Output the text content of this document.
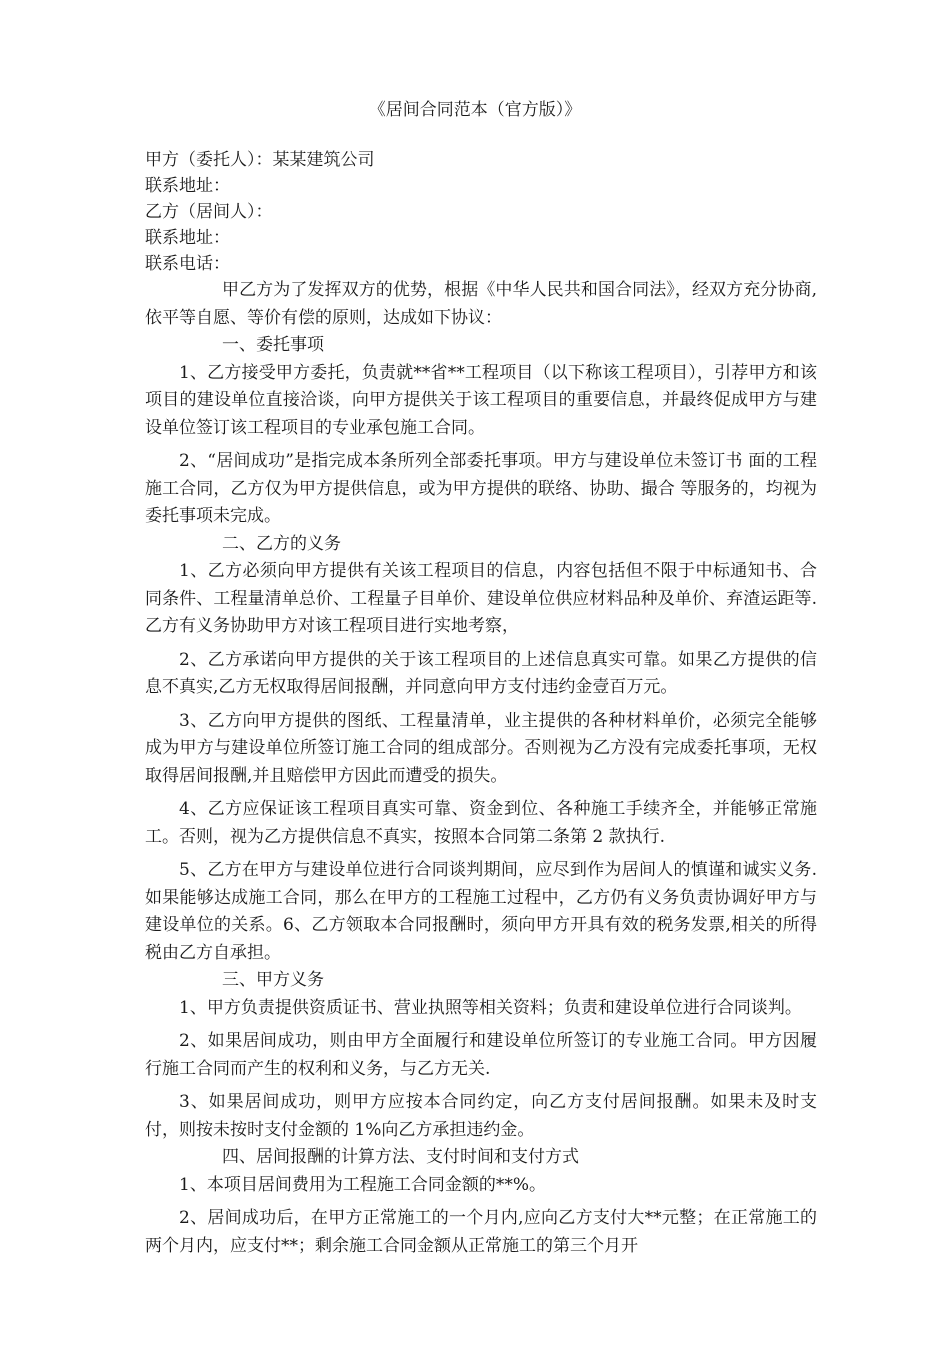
《居间合同范本（官方版）》

甲方（委托人）：某某建筑公司

联系地址：

乙方（居间人）：

联系地址：

联系电话：

甲乙方为了发挥双方的优势，根据《中华人民共和国合同法》，经双方充分协商,依平等自愿、等价有偿的原则，达成如下协议：

一、委托事项

1、乙方接受甲方委托，负责就**省**工程项目（以下称该工程项目），引荐甲方和该项目的建设单位直接洽谈，向甲方提供关于该工程项目的重要信息，并最终促成甲方与建设单位签订该工程项目的专业承包施工合同。

2、“居间成功”是指完成本条所列全部委托事项。甲方与建设单位未签订书 面的工程施工合同，乙方仅为甲方提供信息，或为甲方提供的联络、协助、撮合 等服务的，均视为委托事项未完成。

二、乙方的义务

1、乙方必须向甲方提供有关该工程项目的信息，内容包括但不限于中标通知书、合同条件、工程量清单总价、工程量子目单价、建设单位供应材料品种及单价、弃渣运距等.乙方有义务协助甲方对该工程项目进行实地考察，

2、乙方承诺向甲方提供的关于该工程项目的上述信息真实可靠。如果乙方提供的信息不真实,乙方无权取得居间报酬，并同意向甲方支付违约金壹百万元。

3、乙方向甲方提供的图纸、工程量清单，业主提供的各种材料单价，必须完全能够成为甲方与建设单位所签订施工合同的组成部分。否则视为乙方没有完成委托事项，无权取得居间报酬,并且赔偿甲方因此而遭受的损失。

4、乙方应保证该工程项目真实可靠、资金到位、各种施工手续齐全，并能够正常施工。否则，视为乙方提供信息不真实，按照本合同第二条第 2 款执行.

5、乙方在甲方与建设单位进行合同谈判期间，应尽到作为居间人的慎谨和诚实义务.如果能够达成施工合同，那么在甲方的工程施工过程中，乙方仍有义务负责协调好甲方与建设单位的关系。6、乙方领取本合同报酬时，须向甲方开具有效的税务发票,相关的所得税由乙方自承担。

三、甲方义务

1、甲方负责提供资质证书、营业执照等相关资料；负责和建设单位进行合同谈判。

2、如果居间成功，则由甲方全面履行和建设单位所签订的专业施工合同。甲方因履行施工合同而产生的权利和义务，与乙方无关.

3、如果居间成功，则甲方应按本合同约定，向乙方支付居间报酬。如果未及时支付，则按未按时支付金额的 1%向乙方承担违约金。

四、居间报酬的计算方法、支付时间和支付方式

1、本项目居间费用为工程施工合同金额的**%。

2、居间成功后，在甲方正常施工的一个月内,应向乙方支付大**元整；在正常施工的两个月内，应支付**；剩余施工合同金额从正常施工的第三个月开
